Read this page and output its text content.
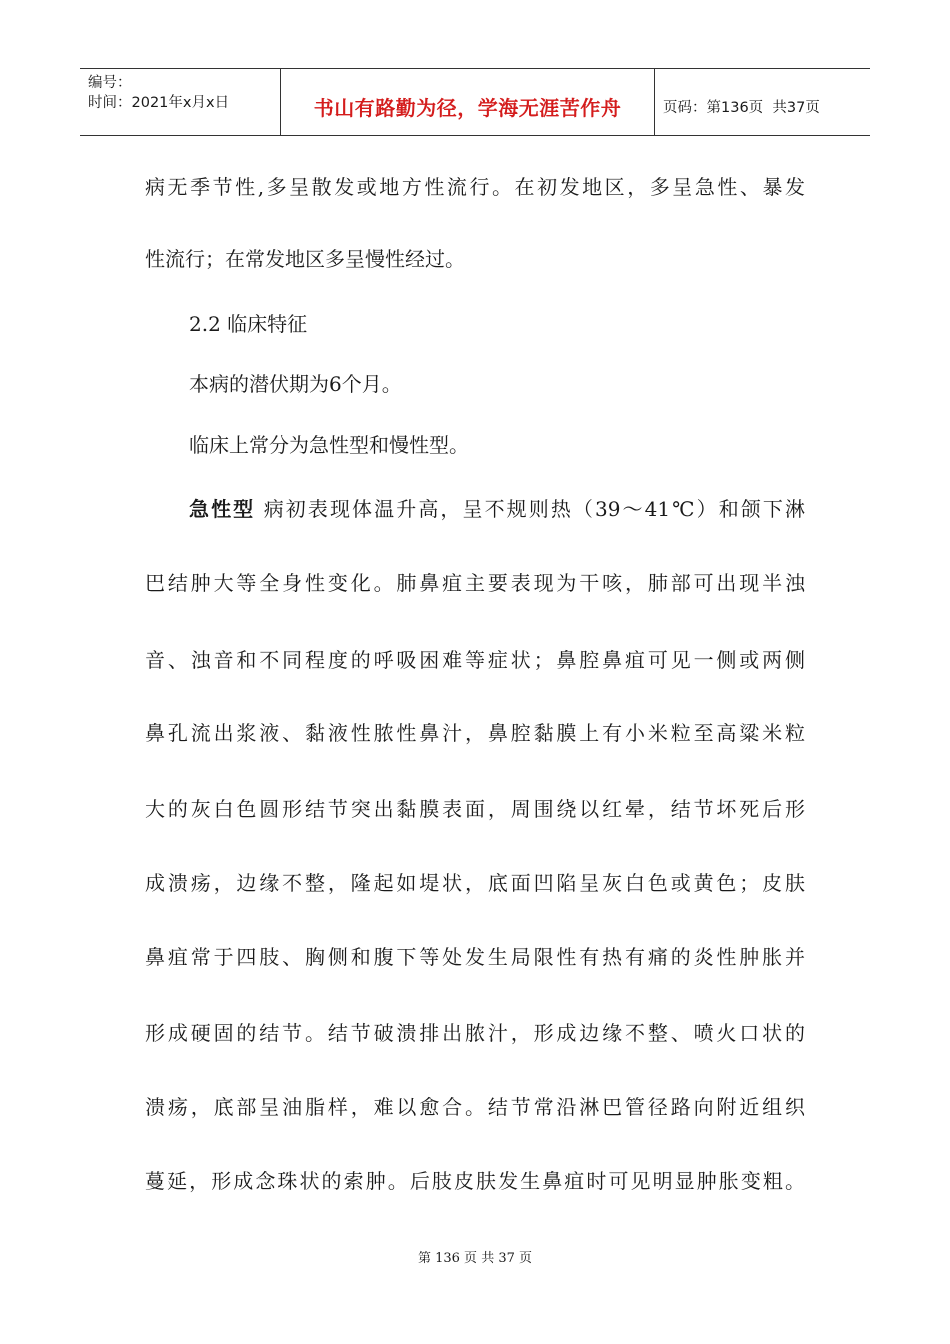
编号：
时间：2021年x月x日	书山有路勤为径，学海无涯苦作舟	页码：第136页  共37页

病无季节性,多呈散发或地方性流行。在初发地区，多呈急性、暴发

性流行；在常发地区多呈慢性经过。

2.2 临床特征

本病的潜伏期为6个月。

临床上常分为急性型和慢性型。

急性型 病初表现体温升高，呈不规则热（39～41℃）和颌下淋

巴结肿大等全身性变化。肺鼻疽主要表现为干咳，肺部可出现半浊

音、浊音和不同程度的呼吸困难等症状；鼻腔鼻疽可见一侧或两侧

鼻孔流出浆液、黏液性脓性鼻汁，鼻腔黏膜上有小米粒至高粱米粒

大的灰白色圆形结节突出黏膜表面，周围绕以红晕，结节坏死后形

成溃疡，边缘不整，隆起如堤状，底面凹陷呈灰白色或黄色；皮肤

鼻疽常于四肢、胸侧和腹下等处发生局限性有热有痛的炎性肿胀并

形成硬固的结节。结节破溃排出脓汁，形成边缘不整、喷火口状的

溃疡，底部呈油脂样，难以愈合。结节常沿淋巴管径路向附近组织

蔓延，形成念珠状的索肿。后肢皮肤发生鼻疽时可见明显肿胀变粗。

第 136 页 共 37 页
